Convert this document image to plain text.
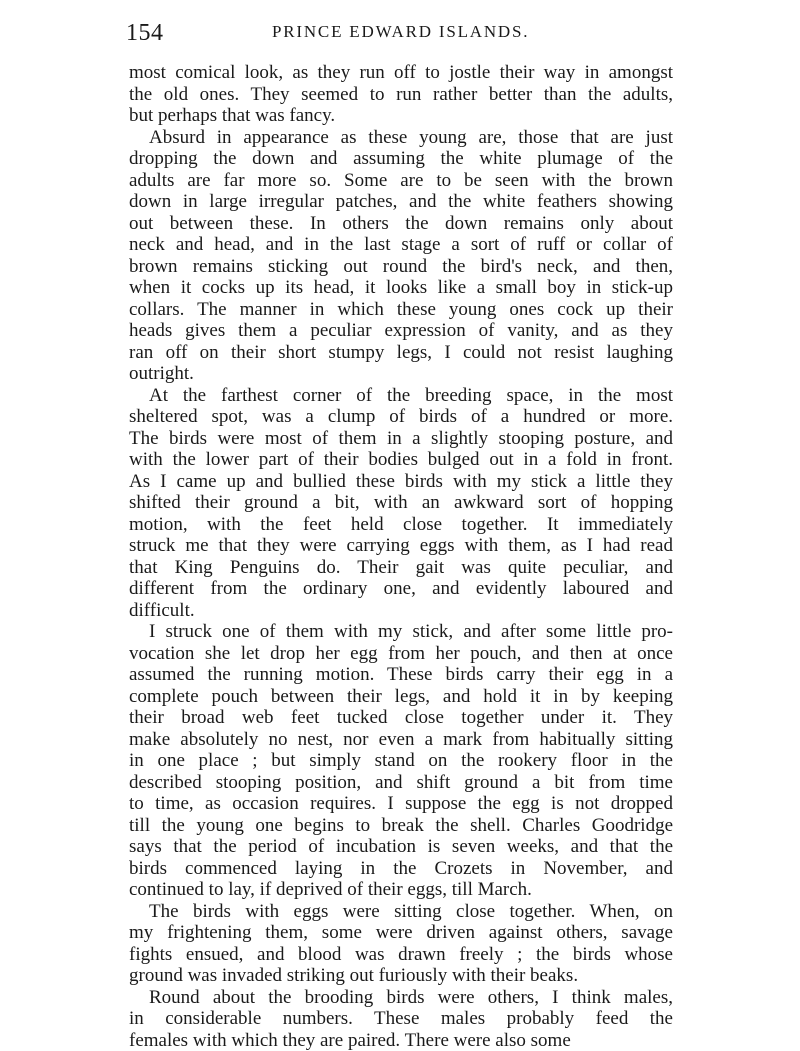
154	PRINCE EDWARD ISLANDS.
most comical look, as they run off to jostle their way in amongst
the old ones. They seemed to run rather better than the adults,
but perhaps that was fancy.
Absurd in appearance as these young are, those that are just
dropping the down and assuming the white plumage of the
adults are far more so. Some are to be seen with the brown
down in large irregular patches, and the white feathers showing
out between these. In others the down remains only about
neck and head, and in the last stage a sort of ruff or collar of
brown remains sticking out round the bird's neck, and then,
when it cocks up its head, it looks like a small boy in stick-up
collars. The manner in which these young ones cock up their
heads gives them a peculiar expression of vanity, and as they
ran off on their short stumpy legs, I could not resist laughing
outright.
At the farthest corner of the breeding space, in the most
sheltered spot, was a clump of birds of a hundred or more.
The birds were most of them in a slightly stooping posture, and
with the lower part of their bodies bulged out in a fold in front.
As I came up and bullied these birds with my stick a little they
shifted their ground a bit, with an awkward sort of hopping
motion, with the feet held close together. It immediately
struck me that they were carrying eggs with them, as I had read
that King Penguins do. Their gait was quite peculiar, and
different from the ordinary one, and evidently laboured and
difficult.
I struck one of them with my stick, and after some little pro-
vocation she let drop her egg from her pouch, and then at once
assumed the running motion. These birds carry their egg in a
complete pouch between their legs, and hold it in by keeping
their broad web feet tucked close together under it. They
make absolutely no nest, nor even a mark from habitually sitting
in one place ; but simply stand on the rookery floor in the
described stooping position, and shift ground a bit from time
to time, as occasion requires. I suppose the egg is not dropped
till the young one begins to break the shell. Charles Goodridge
says that the period of incubation is seven weeks, and that the
birds commenced laying in the Crozets in November, and
continued to lay, if deprived of their eggs, till March.
The birds with eggs were sitting close together. When, on
my frightening them, some were driven against others, savage
fights ensued, and blood was drawn freely ; the birds whose
ground was invaded striking out furiously with their beaks.
Round about the brooding birds were others, I think males,
in considerable numbers. These males probably feed the
females with which they are paired. There were also some
